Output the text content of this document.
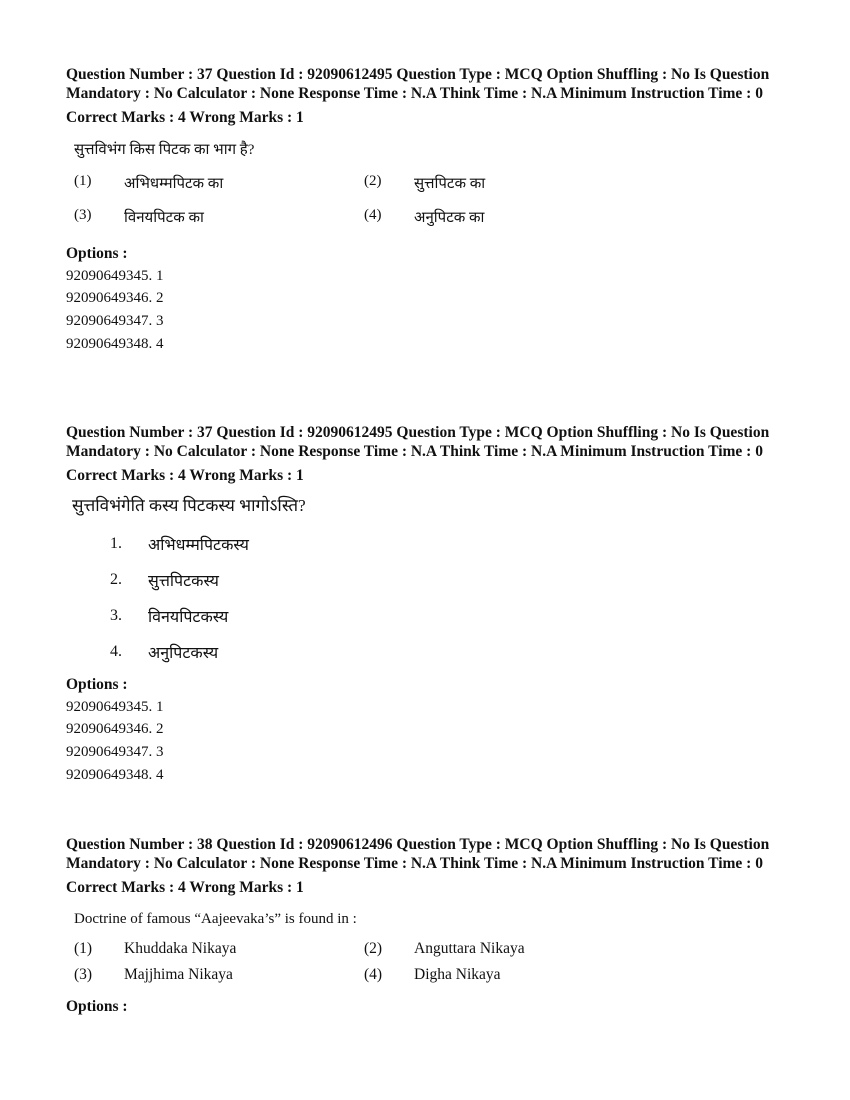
Question Number : 37 Question Id : 92090612495 Question Type : MCQ Option Shuffling : No Is Question Mandatory : No Calculator : None Response Time : N.A Think Time : N.A Minimum Instruction Time : 0

Correct Marks : 4 Wrong Marks : 1
सुत्तविभंग किस पिटक का भाग है?
(1)	अभिधम्मपिटक का	(2)	सुत्तपिटक का
(3)	विनयपिटक का	(4)	अनुपिटक का
Options :
92090649345. 1
92090649346. 2
92090649347. 3
92090649348. 4

Question Number : 37 Question Id : 92090612495 Question Type : MCQ Option Shuffling : No Is Question Mandatory : No Calculator : None Response Time : N.A Think Time : N.A Minimum Instruction Time : 0

Correct Marks : 4 Wrong Marks : 1
सुत्तविभंगेति कस्य पिटकस्य भागोऽस्ति?
1.	अभिधम्मपिटकस्य
2.	सुत्तपिटकस्य
3.	विनयपिटकस्य
4.	अनुपिटकस्य
Options :
92090649345. 1
92090649346. 2
92090649347. 3
92090649348. 4

Question Number : 38 Question Id : 92090612496 Question Type : MCQ Option Shuffling : No Is Question Mandatory : No Calculator : None Response Time : N.A Think Time : N.A Minimum Instruction Time : 0

Correct Marks : 4 Wrong Marks : 1
Doctrine of famous “Aajeevaka’s” is found in :
(1)	Khuddaka Nikaya	(2)	Anguttara Nikaya
(3)	Majjhima Nikaya	(4)	Digha Nikaya
Options :
